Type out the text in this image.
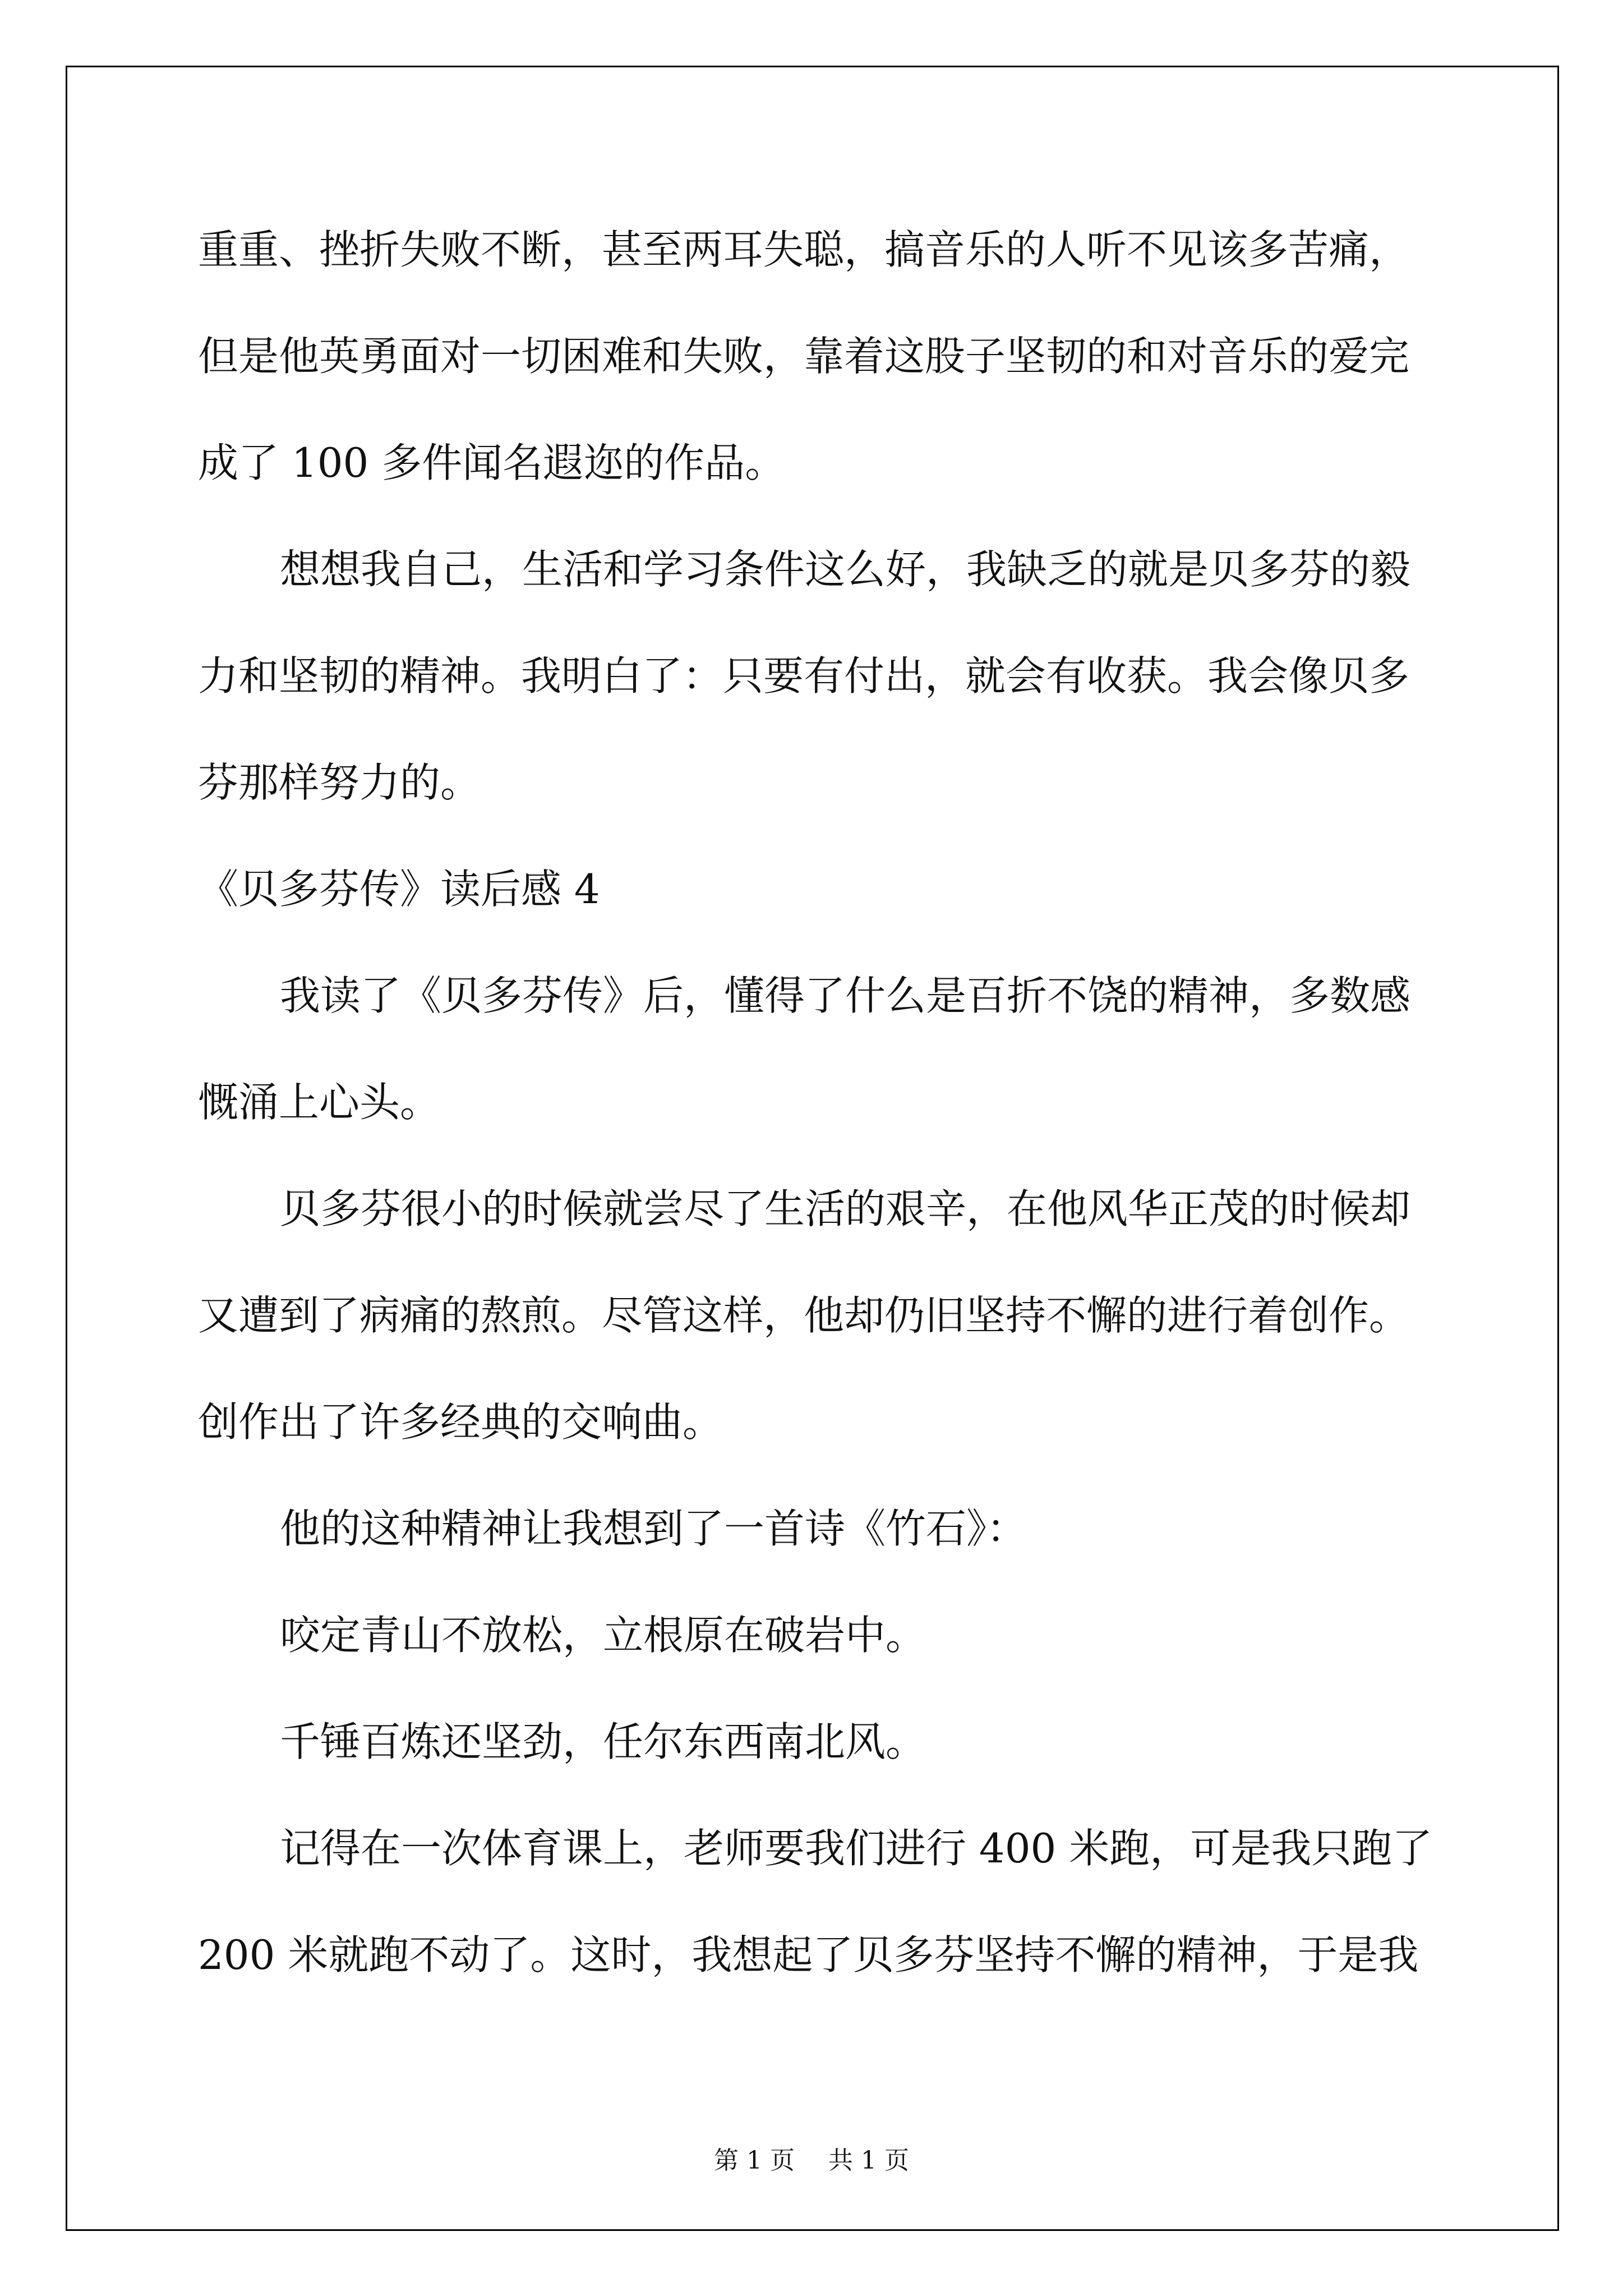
重重、挫折失败不断，甚至两耳失聪，搞音乐的人听不见该多苦痛，
但是他英勇面对一切困难和失败，靠着这股子坚韧的和对音乐的爱完
成了 100 多件闻名遐迩的作品。
想想我自己，生活和学习条件这么好，我缺乏的就是贝多芬的毅
力和坚韧的精神。我明白了：只要有付出，就会有收获。我会像贝多
芬那样努力的。
《贝多芬传》读后感 4
我读了《贝多芬传》后，懂得了什么是百折不饶的精神，多数感
慨涌上心头。
贝多芬很小的时候就尝尽了生活的艰辛，在他风华正茂的时候却
又遭到了病痛的熬煎。尽管这样，他却仍旧坚持不懈的进行着创作。
创作出了许多经典的交响曲。
他的这种精神让我想到了一首诗《竹石》：
咬定青山不放松，立根原在破岩中。
千锤百炼还坚劲，任尔东西南北风。
记得在一次体育课上，老师要我们进行 400 米跑，可是我只跑了
200 米就跑不动了。这时，我想起了贝多芬坚持不懈的精神，于是我
第 1 页 共 1 页
